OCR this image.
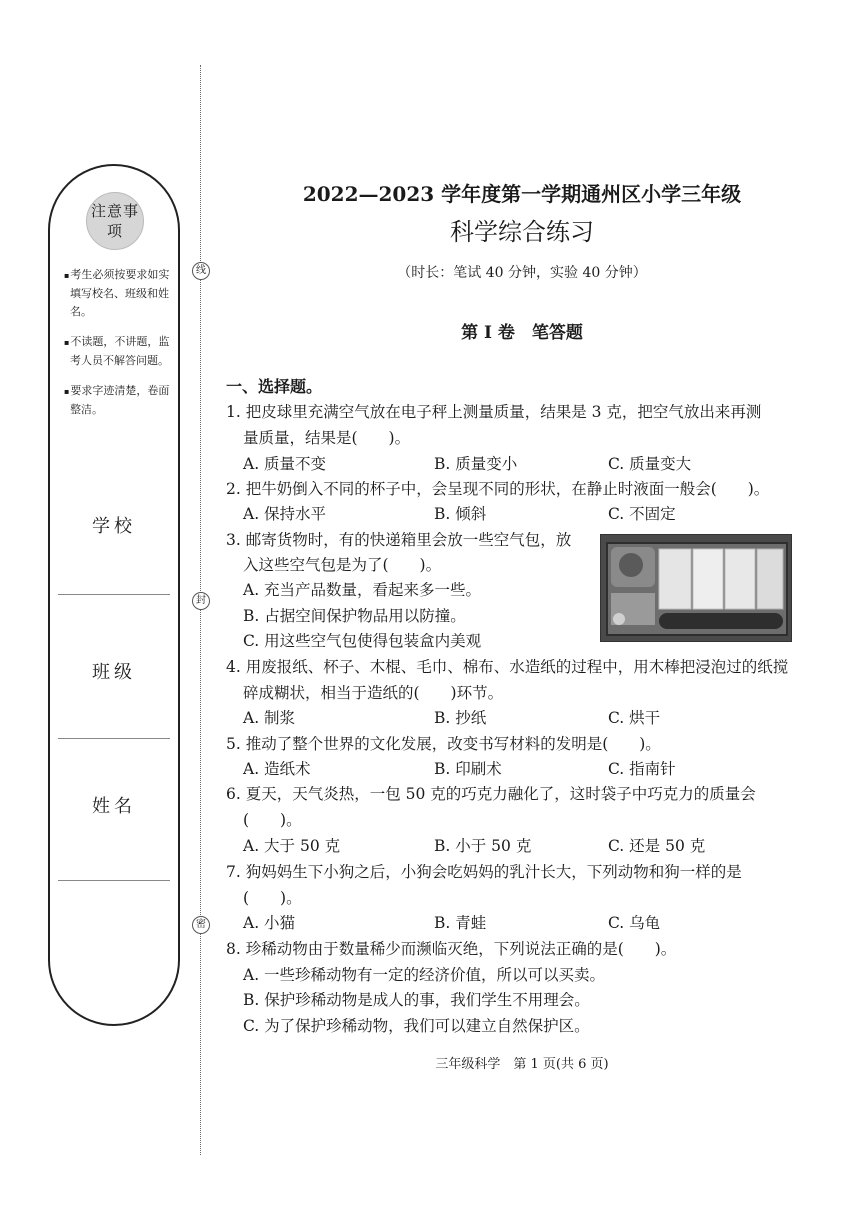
注意事项
▪ 考生必须按要求如实填写校名、班级和姓名。
▪ 不读题，不讲题，监考人员不解答问题。
▪ 要求字迹清楚，卷面整洁。
学校
班级
姓名
线
封
密
2022—2023 学年度第一学期通州区小学三年级
科学综合练习
（时长：笔试 40 分钟，实验 40 分钟）
第 I 卷　笔答题
一、选择题。
1. 把皮球里充满空气放在电子秤上测量质量，结果是 3 克，把空气放出来再测
量质量，结果是(　　)。
A. 质量不变	B. 质量变小	C. 质量变大
2. 把牛奶倒入不同的杯子中，会呈现不同的形状，在静止时液面一般会(　　)。
A. 保持水平	B. 倾斜	C. 不固定
3. 邮寄货物时，有的快递箱里会放一些空气包，放
入这些空气包是为了(　　)。
A. 充当产品数量，看起来多一些。
B. 占据空间保护物品用以防撞。
C. 用这些空气包使得包装盒内美观
4. 用废报纸、杯子、木棍、毛巾、棉布、水造纸的过程中，用木棒把浸泡过的纸搅
碎成糊状，相当于造纸的(　　)环节。
A. 制浆	B. 抄纸	C. 烘干
5. 推动了整个世界的文化发展，改变书写材料的发明是(　　)。
A. 造纸术	B. 印刷术	C. 指南针
6. 夏天，天气炎热，一包 50 克的巧克力融化了，这时袋子中巧克力的质量会
(　　)。
A. 大于 50 克	B. 小于 50 克	C. 还是 50 克
7. 狗妈妈生下小狗之后，小狗会吃妈妈的乳汁长大，下列动物和狗一样的是
(　　)。
A. 小猫	B. 青蛙	C. 乌龟
8. 珍稀动物由于数量稀少而濒临灭绝，下列说法正确的是(　　)。
A. 一些珍稀动物有一定的经济价值，所以可以买卖。
B. 保护珍稀动物是成人的事，我们学生不用理会。
C. 为了保护珍稀动物，我们可以建立自然保护区。
三年级科学　第 1 页(共 6 页)
